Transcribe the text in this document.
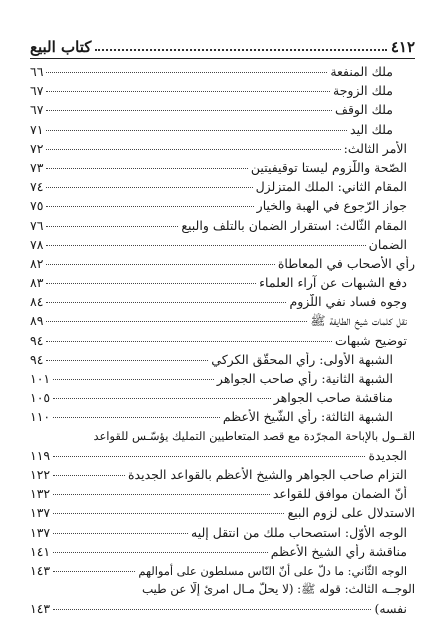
٤١٢
كتاب البيع
ملك المنفعة
٦٦
ملك الزوجة
٦٧
ملك الوقف
٦٧
ملك اليد
٧١
الأمر الثالث:
٧٢
الصّحة واللّزوم ليستا توقيفيتين
٧٣
المقام الثاني: الملك المتزلزل
٧٤
جواز الرّجوع في الهبة والخيار
٧٥
المقام الثّالث: استقرار الضمان بالتلف والبيع
٧٦
الضمان
٧٨
رأي الأصحاب في المعاطاة
٨٢
دفع الشبهات عن آراء العلماء
٨٣
وجوه فساد نفي اللّزوم
٨٤
نقل كلمات شيخ الطايفة ﷺ
٨٩
توضيح شبهات
٩٤
الشبهة الأولى: رأي المحقّق الكركي
٩٤
الشبهة الثانية: رأي صاحب الجواهر
١٠١
مناقشة صاحب الجواهر
١٠٥
الشبهة الثالثة: رأي الشّيخ الأعظم
١١٠
القــول بالإباحة المجرّدة مع قصد المتعاطيين التمليك يؤسّـس للقواعد
الجديدة
١١٩
التزام صاحب الجواهر والشيخ الأعظم بالقواعد الجديدة
١٢٢
أنّ الضمان موافق للقواعد
١٣٢
الاستدلال على لزوم البيع
١٣٧
الوجه الأوّل: استصحاب ملك من انتقل إليه
١٣٧
مناقشة رأي الشيخ الأعظم
١٤١
الوجه الثّاني: ما دلّ على أنّ النّاس مسلطون على أموالهم
١٤٣
الوجــه الثالث: قوله ﷺ: (لا يحلّ مـال امرئ إلّا عن طيب
نفسه)
١٤٣
